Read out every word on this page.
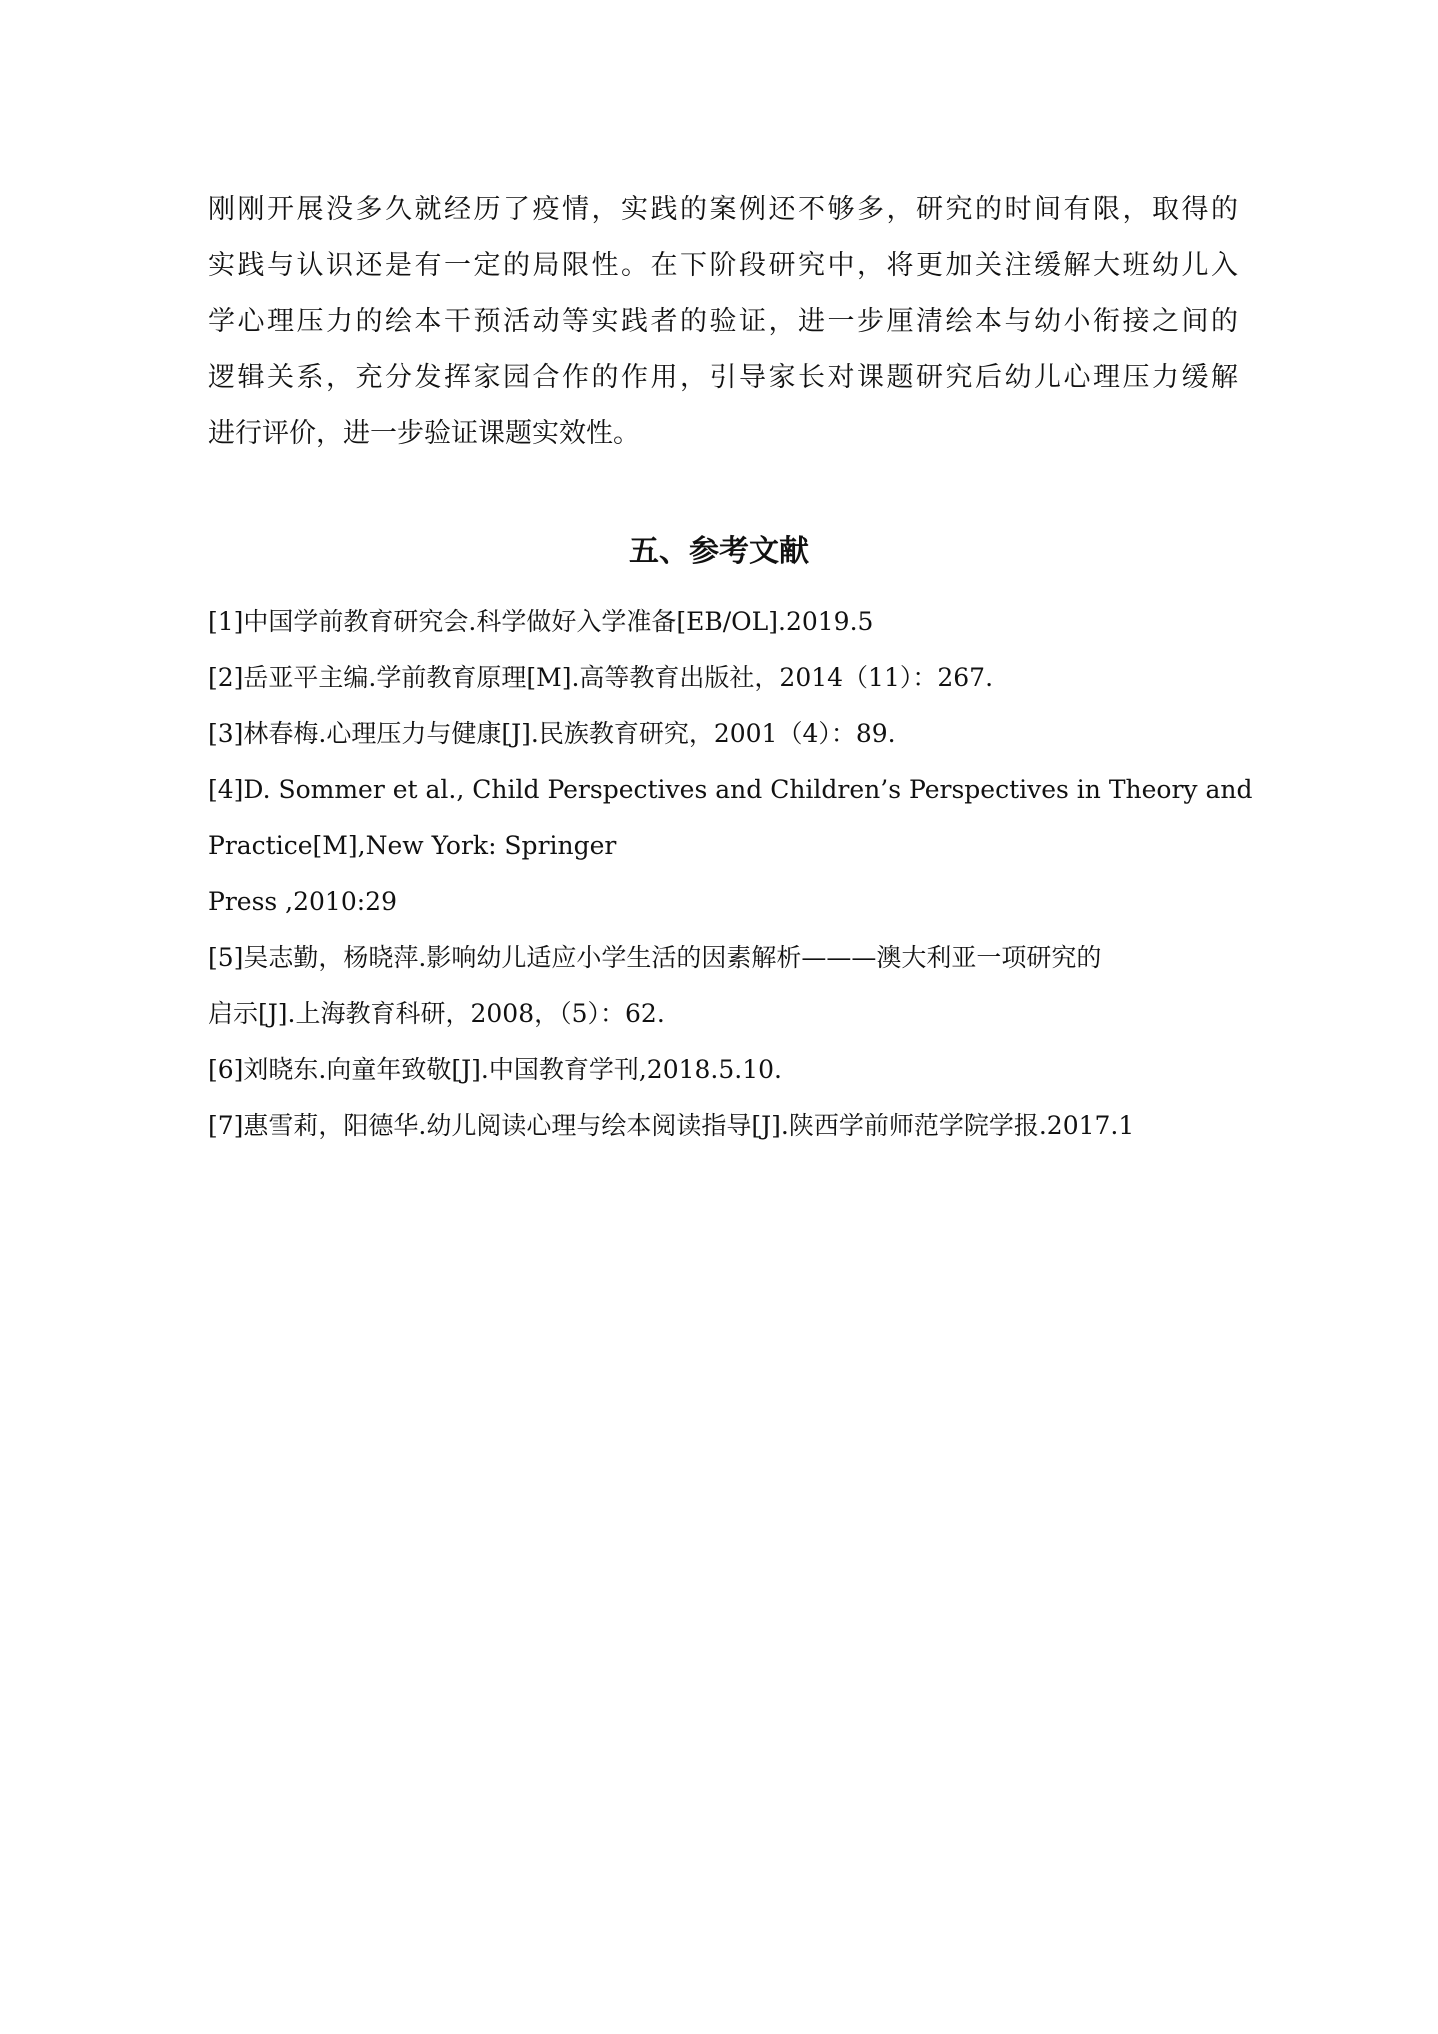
刚刚开展没多久就经历了疫情，实践的案例还不够多，研究的时间有限，取得的
实践与认识还是有一定的局限性。在下阶段研究中，将更加关注缓解大班幼儿入
学心理压力的绘本干预活动等实践者的验证，进一步厘清绘本与幼小衔接之间的
逻辑关系，充分发挥家园合作的作用，引导家长对课题研究后幼儿心理压力缓解
进行评价，进一步验证课题实效性。
五、参考文献
[1]中国学前教育研究会.科学做好入学准备[EB/OL].2019.5
[2]岳亚平主编.学前教育原理[M].高等教育出版社，2014（11）：267.
[3]林春梅.心理压力与健康[J].民族教育研究，2001（4）：89.
[4]D. Sommer et al., Child Perspectives and Children’s Perspectives in Theory and
Practice[M],New York: Springer
Press ,2010:29
[5]吴志勤，杨晓萍.影响幼儿适应小学生活的因素解析———澳大利亚一项研究的
启示[J].上海教育科研，2008，（5）：62.
[6]刘晓东.向童年致敬[J].中国教育学刊,2018.5.10.
[7]惠雪莉，阳德华.幼儿阅读心理与绘本阅读指导[J].陕西学前师范学院学报.2017.1
